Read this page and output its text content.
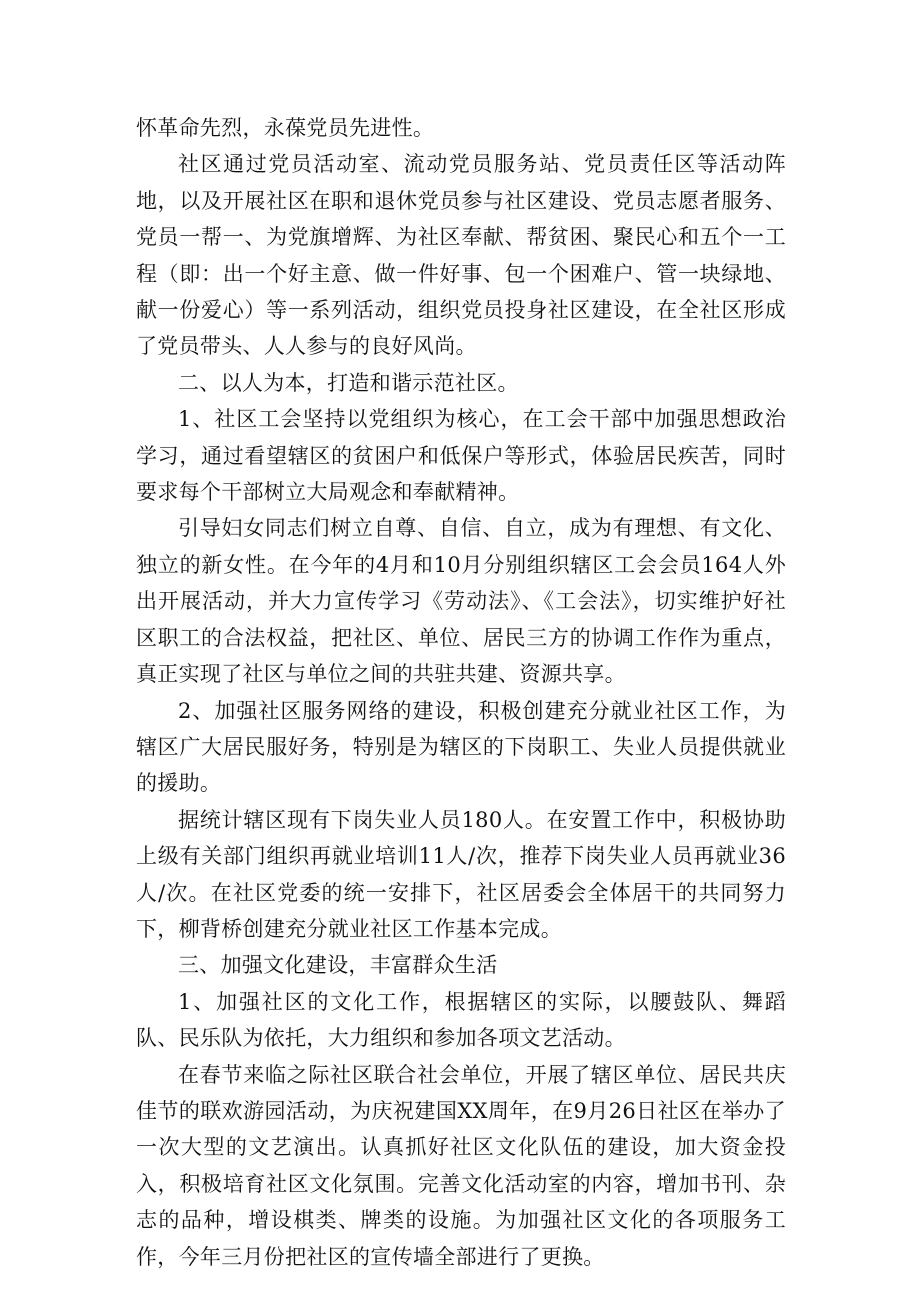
怀革命先烈，永葆党员先进性。

社区通过党员活动室、流动党员服务站、党员责任区等活动阵地，以及开展社区在职和退休党员参与社区建设、党员志愿者服务、党员一帮一、为党旗增辉、为社区奉献、帮贫困、聚民心和五个一工程（即：出一个好主意、做一件好事、包一个困难户、管一块绿地、献一份爱心）等一系列活动，组织党员投身社区建设，在全社区形成了党员带头、人人参与的良好风尚。

二、以人为本，打造和谐示范社区。

1、社区工会坚持以党组织为核心，在工会干部中加强思想政治学习，通过看望辖区的贫困户和低保户等形式，体验居民疾苦，同时要求每个干部树立大局观念和奉献精神。

引导妇女同志们树立自尊、自信、自立，成为有理想、有文化、独立的新女性。在今年的4月和10月分别组织辖区工会会员164人外出开展活动，并大力宣传学习《劳动法》、《工会法》，切实维护好社区职工的合法权益，把社区、单位、居民三方的协调工作作为重点，真正实现了社区与单位之间的共驻共建、资源共享。

2、加强社区服务网络的建设，积极创建充分就业社区工作，为辖区广大居民服好务，特别是为辖区的下岗职工、失业人员提供就业的援助。

据统计辖区现有下岗失业人员180人。在安置工作中，积极协助上级有关部门组织再就业培训11人/次，推荐下岗失业人员再就业36人/次。在社区党委的统一安排下，社区居委会全体居干的共同努力下，柳背桥创建充分就业社区工作基本完成。

三、加强文化建设，丰富群众生活

1、加强社区的文化工作，根据辖区的实际，以腰鼓队、舞蹈队、民乐队为依托，大力组织和参加各项文艺活动。

在春节来临之际社区联合社会单位，开展了辖区单位、居民共庆佳节的联欢游园活动，为庆祝建国XX周年，在9月26日社区在举办了一次大型的文艺演出。认真抓好社区文化队伍的建设，加大资金投入，积极培育社区文化氛围。完善文化活动室的内容，增加书刊、杂志的品种，增设棋类、牌类的设施。为加强社区文化的各项服务工作，今年三月份把社区的宣传墙全部进行了更换。
